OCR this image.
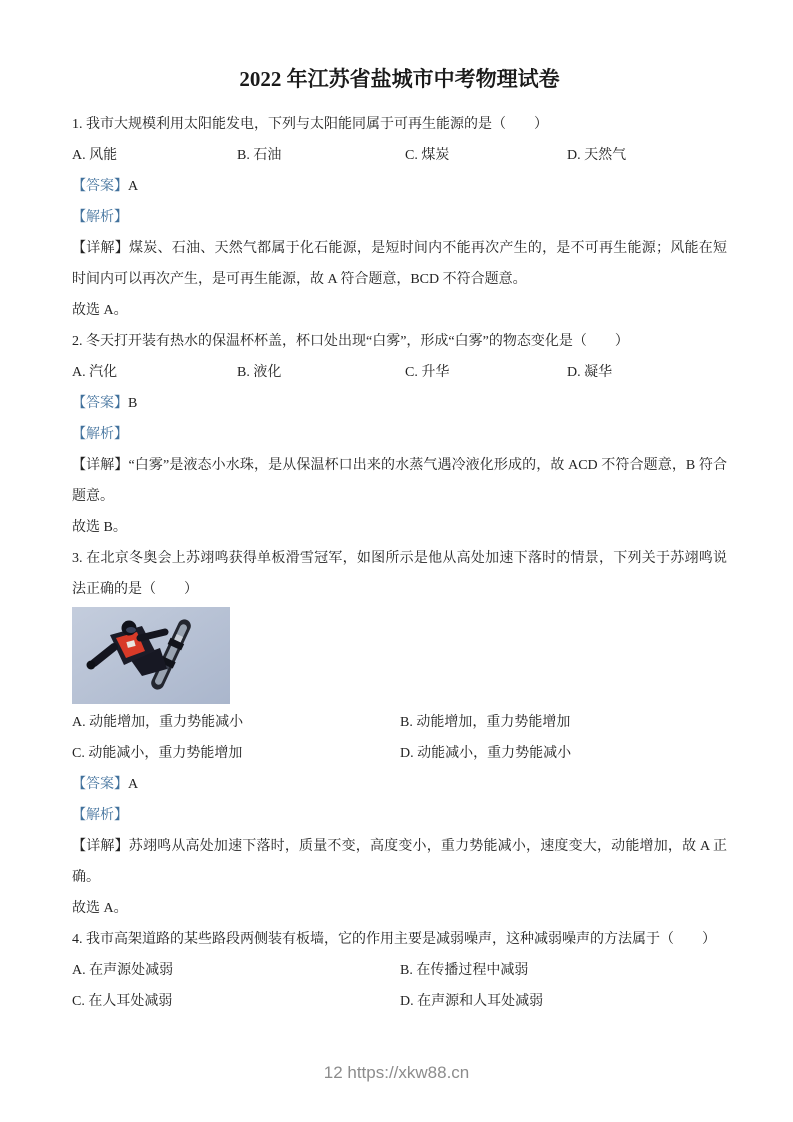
2022 年江苏省盐城市中考物理试卷

1. 我市大规模利用太阳能发电，下列与太阳能同属于可再生能源的是（　　）

A. 风能	B. 石油	C. 煤炭	D. 天然气

【答案】A

【解析】

【详解】煤炭、石油、天然气都属于化石能源，是短时间内不能再次产生的，是不可再生能源；风能在短时间内可以再次产生，是可再生能源，故 A 符合题意，BCD 不符合题意。

故选 A。

2. 冬天打开装有热水的保温杯杯盖，杯口处出现“白雾”，形成“白雾”的物态变化是（　　）

A. 汽化	B. 液化	C. 升华	D. 凝华

【答案】B

【解析】

【详解】“白雾”是液态小水珠，是从保温杯口出来的水蒸气遇冷液化形成的，故 ACD 不符合题意，B 符合题意。

故选 B。

3. 在北京冬奥会上苏翊鸣获得单板滑雪冠军，如图所示是他从高处加速下落时的情景，下列关于苏翊鸣说法正确的是（　　）

A. 动能增加，重力势能减小	B. 动能增加，重力势能增加
C. 动能减小，重力势能增加	D. 动能减小，重力势能减小

【答案】A

【解析】

【详解】苏翊鸣从高处加速下落时，质量不变，高度变小，重力势能减小，速度变大，动能增加，故 A 正确。

故选 A。

4. 我市高架道路的某些路段两侧装有板墙，它的作用主要是减弱噪声，这种减弱噪声的方法属于（　　）

A. 在声源处减弱	B. 在传播过程中减弱
C. 在人耳处减弱	D. 在声源和人耳处减弱
12 https://xkw88.cn
